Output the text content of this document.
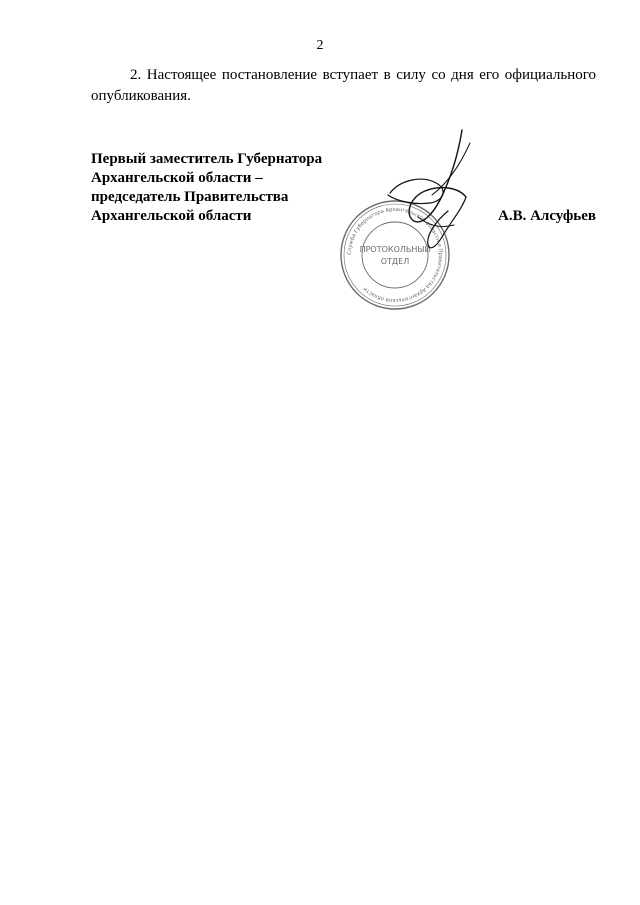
2

2. Настоящее постановление вступает в силу со дня его официального опубликования.

Первый заместитель Губернатора
Архангельской области –
председатель Правительства
Архангельской области	А.В. Алсуфьев
Служба Губернатора Архангельской области и Правительства Архангельской области
ПРОТОКОЛЬНЫЙ
ОТДЕЛ
